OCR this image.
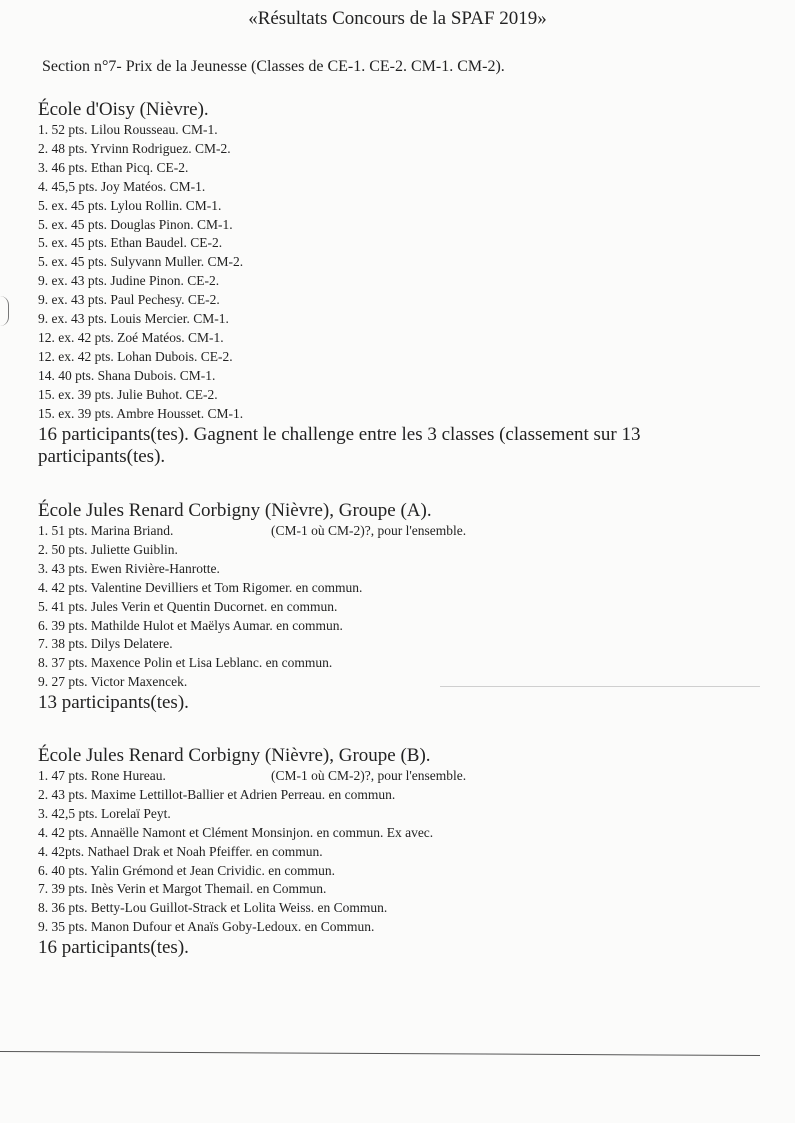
«Résultats Concours de la SPAF 2019»
Section n°7- Prix de la Jeunesse (Classes de CE-1. CE-2. CM-1. CM-2).
École d'Oisy (Nièvre).
1. 52 pts. Lilou Rousseau. CM-1.
2. 48 pts. Yrvinn Rodriguez. CM-2.
3. 46 pts. Ethan Picq. CE-2.
4. 45,5 pts. Joy Matéos. CM-1.
5. ex. 45 pts. Lylou Rollin. CM-1.
5. ex. 45 pts. Douglas Pinon. CM-1.
5. ex. 45 pts. Ethan Baudel. CE-2.
5. ex. 45 pts. Sulyvann Muller. CM-2.
9. ex. 43 pts. Judine Pinon. CE-2.
9. ex. 43 pts. Paul Pechesy. CE-2.
9. ex. 43 pts. Louis Mercier. CM-1.
12. ex. 42 pts. Zoé Matéos. CM-1.
12. ex. 42 pts. Lohan Dubois. CE-2.
14. 40 pts. Shana Dubois. CM-1.
15. ex. 39 pts. Julie Buhot. CE-2.
15. ex. 39 pts. Ambre Housset. CM-1.
16 participants(tes). Gagnent le challenge entre les 3 classes (classement sur 13 participants(tes).
École Jules Renard Corbigny (Nièvre), Groupe (A).
1. 51 pts. Marina Briand.	(CM-1 où CM-2)?, pour l'ensemble.
2. 50 pts. Juliette Guiblin.
3. 43 pts. Ewen Rivière-Hanrotte.
4. 42 pts. Valentine Devilliers et Tom Rigomer. en commun.
5. 41 pts. Jules Verin et Quentin Ducornet. en commun.
6. 39 pts. Mathilde Hulot et Maëlys Aumar. en commun.
7. 38 pts. Dilys Delatere.
8. 37 pts. Maxence Polin et Lisa Leblanc. en commun.
9. 27 pts. Victor Maxencek.
13 participants(tes).
École Jules Renard Corbigny (Nièvre), Groupe (B).
1. 47 pts. Rone Hureau.	(CM-1 où CM-2)?, pour l'ensemble.
2. 43 pts. Maxime Lettillot-Ballier et Adrien Perreau. en commun.
3. 42,5 pts. Lorelaï Peyt.
4. 42 pts. Annaëlle Namont et Clément Monsinjon. en commun. Ex avec.
4. 42pts. Nathael Drak et Noah Pfeiffer. en commun.
6. 40 pts. Yalin Grémond et Jean Crividic. en commun.
7. 39 pts. Inès Verin et Margot Themail. en Commun.
8. 36 pts. Betty-Lou Guillot-Strack et Lolita Weiss. en Commun.
9. 35 pts. Manon Dufour et Anaïs Goby-Ledoux. en Commun.
16 participants(tes).
